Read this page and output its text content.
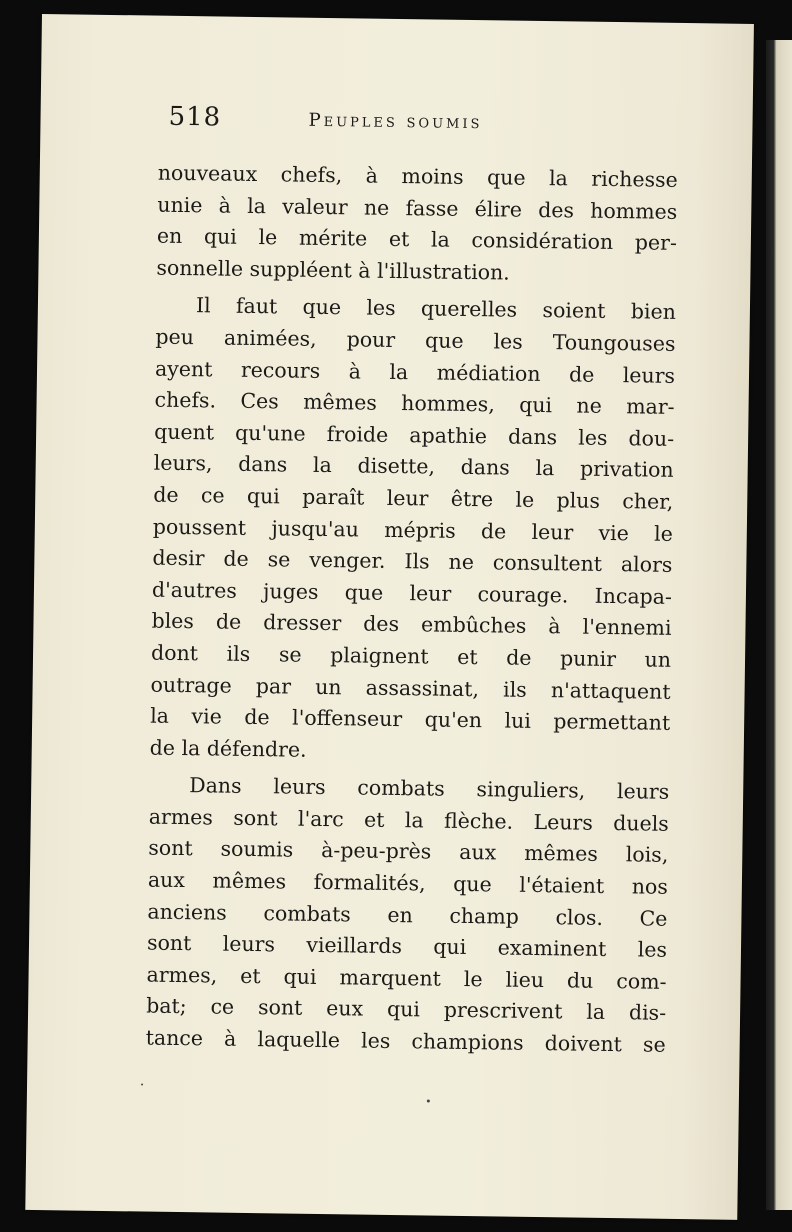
518	Peuples soumis
nouveaux chefs, à moins que la richesse
unie à la valeur ne fasse élire des hommes
en qui le mérite et la considération per-
sonnelle suppléent à l'illustration.
Il faut que les querelles soient bien
peu animées, pour que les Toungouses
ayent recours à la médiation de leurs
chefs. Ces mêmes hommes, qui ne mar-
quent qu'une froide apathie dans les dou-
leurs, dans la disette, dans la privation
de ce qui paraît leur être le plus cher,
poussent jusqu'au mépris de leur vie le
desir de se venger. Ils ne consultent alors
d'autres juges que leur courage. Incapa-
bles de dresser des embûches à l'ennemi
dont ils se plaignent et de punir un
outrage par un assassinat, ils n'attaquent
la vie de l'offenseur qu'en lui permettant
de la défendre.
Dans leurs combats singuliers, leurs
armes sont l'arc et la flèche. Leurs duels
sont soumis à-peu-près aux mêmes lois,
aux mêmes formalités, que l'étaient nos
anciens combats en champ clos. Ce
sont leurs vieillards qui examinent les
armes, et qui marquent le lieu du com-
bat; ce sont eux qui prescrivent la dis-
tance à laquelle les champions doivent se
